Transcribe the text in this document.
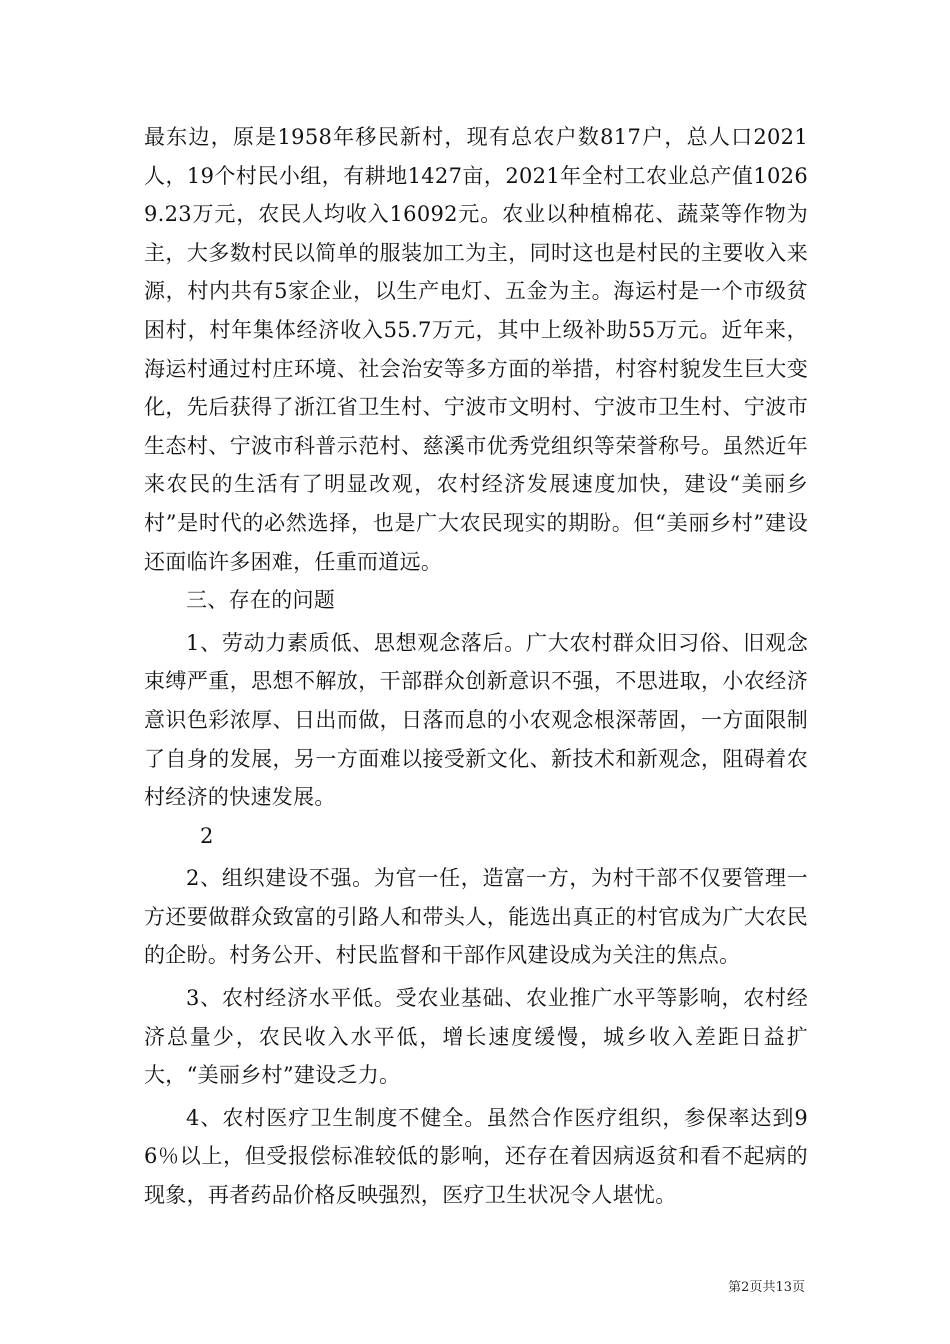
最东边，原是1958年移民新村，现有总农户数817户，总人口2021人，19个村民小组，有耕地1427亩，2021年全村工农业总产值10269.23万元，农民人均收入16092元。农业以种植棉花、蔬菜等作物为主，大多数村民以简单的服装加工为主，同时这也是村民的主要收入来源，村内共有5家企业，以生产电灯、五金为主。海运村是一个市级贫困村，村年集体经济收入55.7万元，其中上级补助55万元。近年来，海运村通过村庄环境、社会治安等多方面的举措，村容村貌发生巨大变化，先后获得了浙江省卫生村、宁波市文明村、宁波市卫生村、宁波市生态村、宁波市科普示范村、慈溪市优秀党组织等荣誉称号。虽然近年来农民的生活有了明显改观，农村经济发展速度加快，建设“美丽乡村”是时代的必然选择，也是广大农民现实的期盼。但“美丽乡村”建设还面临许多困难，任重而道远。

三、存在的问题

1、劳动力素质低、思想观念落后。广大农村群众旧习俗、旧观念束缚严重，思想不解放，干部群众创新意识不强，不思进取，小农经济意识色彩浓厚、日出而做，日落而息的小农观念根深蒂固，一方面限制了自身的发展，另一方面难以接受新文化、新技术和新观念，阻碍着农村经济的快速发展。

2

2、组织建设不强。为官一任，造富一方，为村干部不仅要管理一方还要做群众致富的引路人和带头人，能选出真正的村官成为广大农民的企盼。村务公开、村民监督和干部作风建设成为关注的焦点。

3、农村经济水平低。受农业基础、农业推广水平等影响，农村经济总量少，农民收入水平低，增长速度缓慢，城乡收入差距日益扩大，“美丽乡村”建设乏力。

4、农村医疗卫生制度不健全。虽然合作医疗组织，参保率达到96％以上，但受报偿标准较低的影响，还存在着因病返贫和看不起病的现象，再者药品价格反映强烈，医疗卫生状况令人堪忧。

第2页共13页
